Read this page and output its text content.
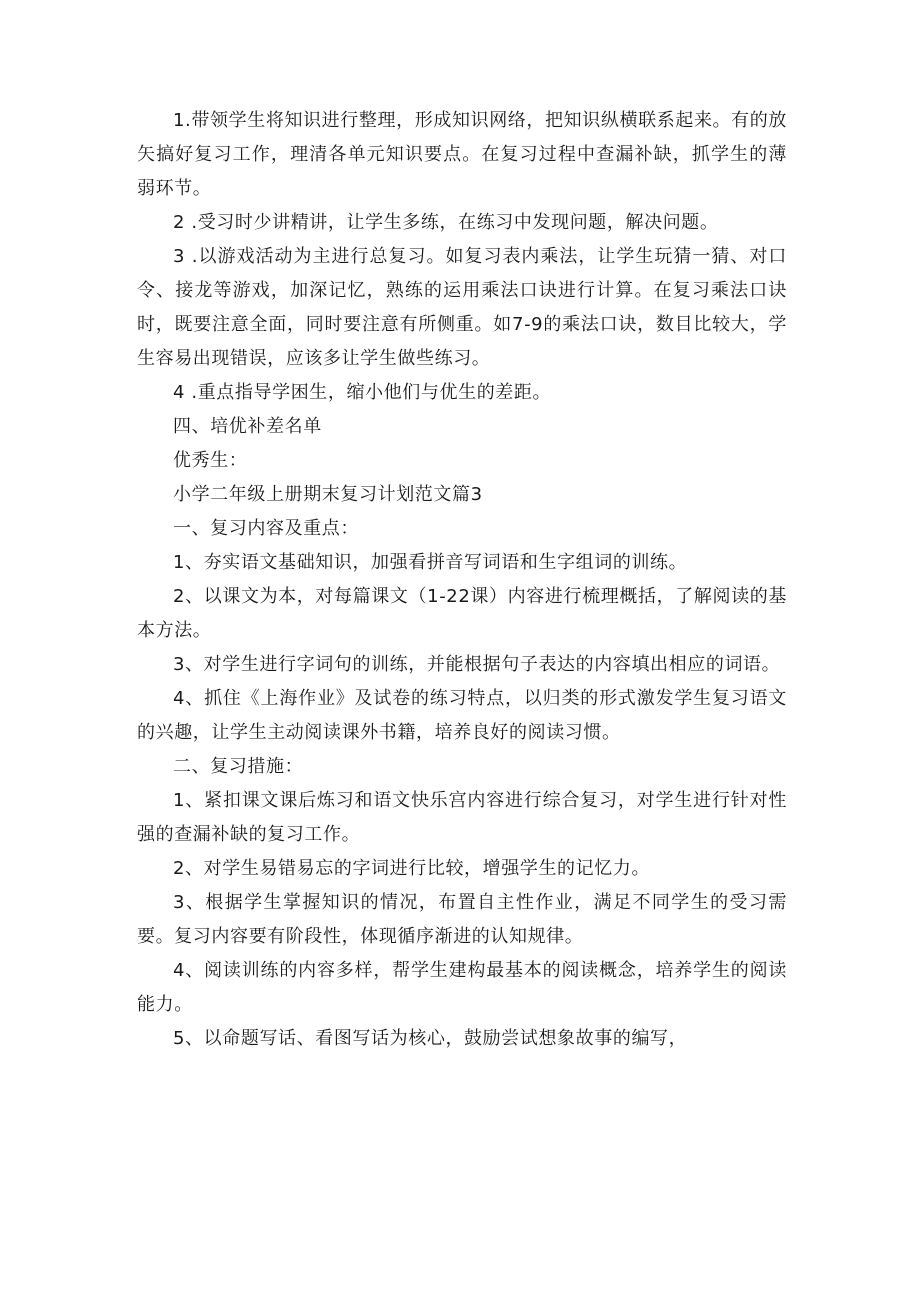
1.带领学生将知识进行整理，形成知识网络，把知识纵横联系起来。有的放矢搞好复习工作，理清各单元知识要点。在复习过程中查漏补缺，抓学生的薄弱环节。

2 .受习时少讲精讲，让学生多练，在练习中发现问题，解决问题。

3 .以游戏活动为主进行总复习。如复习表内乘法，让学生玩猜一猜、对口令、接龙等游戏，加深记忆，熟练的运用乘法口诀进行计算。在复习乘法口诀时，既要注意全面，同时要注意有所侧重。如7-9的乘法口诀，数目比较大，学生容易出现错误，应该多让学生做些练习。

4 .重点指导学困生，缩小他们与优生的差距。

四、培优补差名单

优秀生：

小学二年级上册期末复习计划范文篇3

一、复习内容及重点：

1、夯实语文基础知识，加强看拼音写词语和生字组词的训练。

2、以课文为本，对每篇课文（1-22课）内容进行梳理概括，了解阅读的基本方法。

3、对学生进行字词句的训练，并能根据句子表达的内容填出相应的词语。

4、抓住《上海作业》及试卷的练习特点，以归类的形式激发学生复习语文的兴趣，让学生主动阅读课外书籍，培养良好的阅读习惯。

二、复习措施：

1、紧扣课文课后炼习和语文快乐宫内容进行综合复习，对学生进行针对性强的查漏补缺的复习工作。

2、对学生易错易忘的字词进行比较，增强学生的记忆力。

3、根据学生掌握知识的情况，布置自主性作业，满足不同学生的受习需要。复习内容要有阶段性，体现循序渐进的认知规律。

4、阅读训练的内容多样，帮学生建构最基本的阅读概念，培养学生的阅读能力。

5、以命题写话、看图写话为核心，鼓励尝试想象故事的编写，
